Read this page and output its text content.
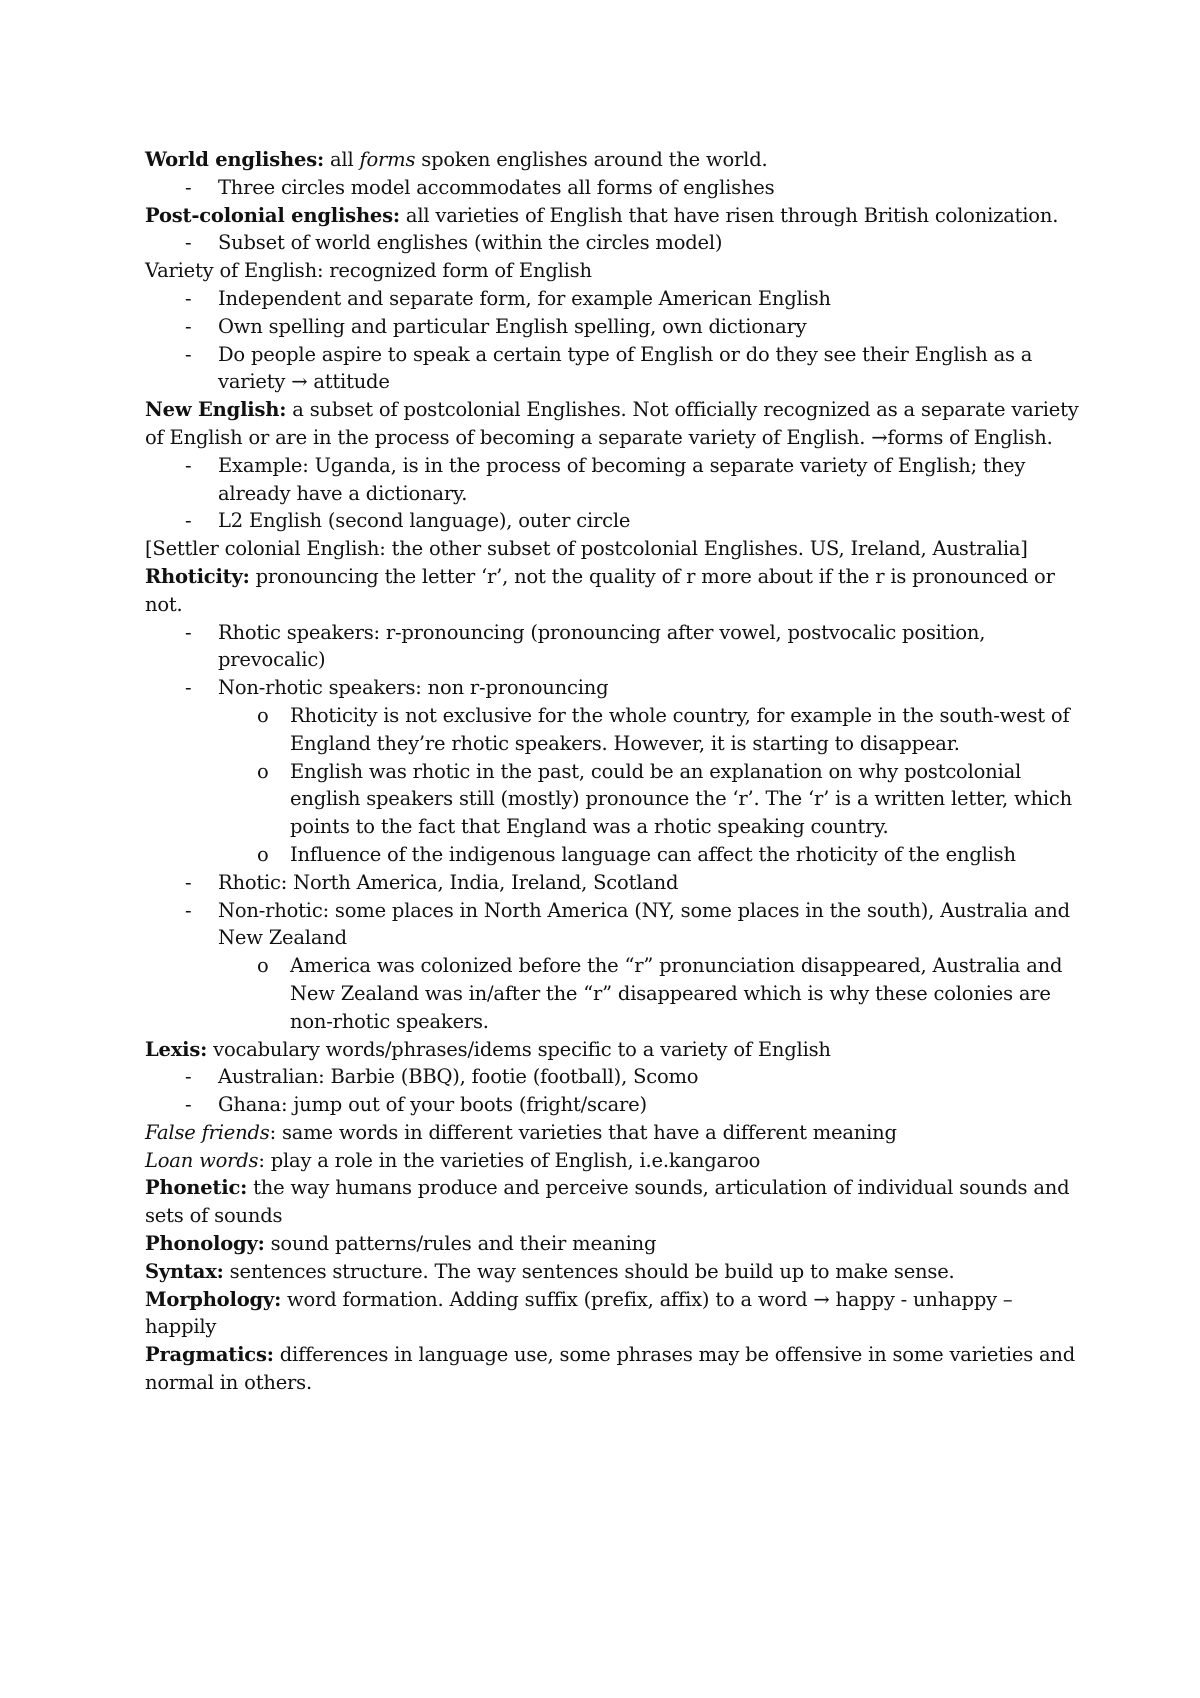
World englishes: all forms spoken englishes around the world.

- Three circles model accommodates all forms of englishes

Post-colonial englishes: all varieties of English that have risen through British colonization.

- Subset of world englishes (within the circles model)

Variety of English: recognized form of English

- Independent and separate form, for example American English

- Own spelling and particular English spelling, own dictionary

- Do people aspire to speak a certain type of English or do they see their English as a variety → attitude

New English: a subset of postcolonial Englishes. Not officially recognized as a separate variety of English or are in the process of becoming a separate variety of English. →forms of English.

- Example: Uganda, is in the process of becoming a separate variety of English; they already have a dictionary.

- L2 English (second language), outer circle

[Settler colonial English: the other subset of postcolonial Englishes. US, Ireland, Australia]

Rhoticity: pronouncing the letter ‘r’, not the quality of r more about if the r is pronounced or not.

- Rhotic speakers: r-pronouncing (pronouncing after vowel, postvocalic position, prevocalic)

- Non-rhotic speakers: non r-pronouncing

o Rhoticity is not exclusive for the whole country, for example in the south-west of England they’re rhotic speakers. However, it is starting to disappear.

o English was rhotic in the past, could be an explanation on why postcolonial english speakers still (mostly) pronounce the ‘r’. The ‘r’ is a written letter, which points to the fact that England was a rhotic speaking country.

o Influence of the indigenous language can affect the rhoticity of the english

- Rhotic: North America, India, Ireland, Scotland

- Non-rhotic: some places in North America (NY, some places in the south), Australia and New Zealand

o America was colonized before the “r” pronunciation disappeared, Australia and New Zealand was in/after the “r” disappeared which is why these colonies are non-rhotic speakers.

Lexis: vocabulary words/phrases/idems specific to a variety of English

- Australian: Barbie (BBQ), footie (football), Scomo

- Ghana: jump out of your boots (fright/scare)

False friends: same words in different varieties that have a different meaning

Loan words: play a role in the varieties of English, i.e.kangaroo

Phonetic: the way humans produce and perceive sounds, articulation of individual sounds and sets of sounds

Phonology: sound patterns/rules and their meaning

Syntax: sentences structure. The way sentences should be build up to make sense.

Morphology: word formation. Adding suffix (prefix, affix) to a word → happy - unhappy – happily

Pragmatics: differences in language use, some phrases may be offensive in some varieties and normal in others.
